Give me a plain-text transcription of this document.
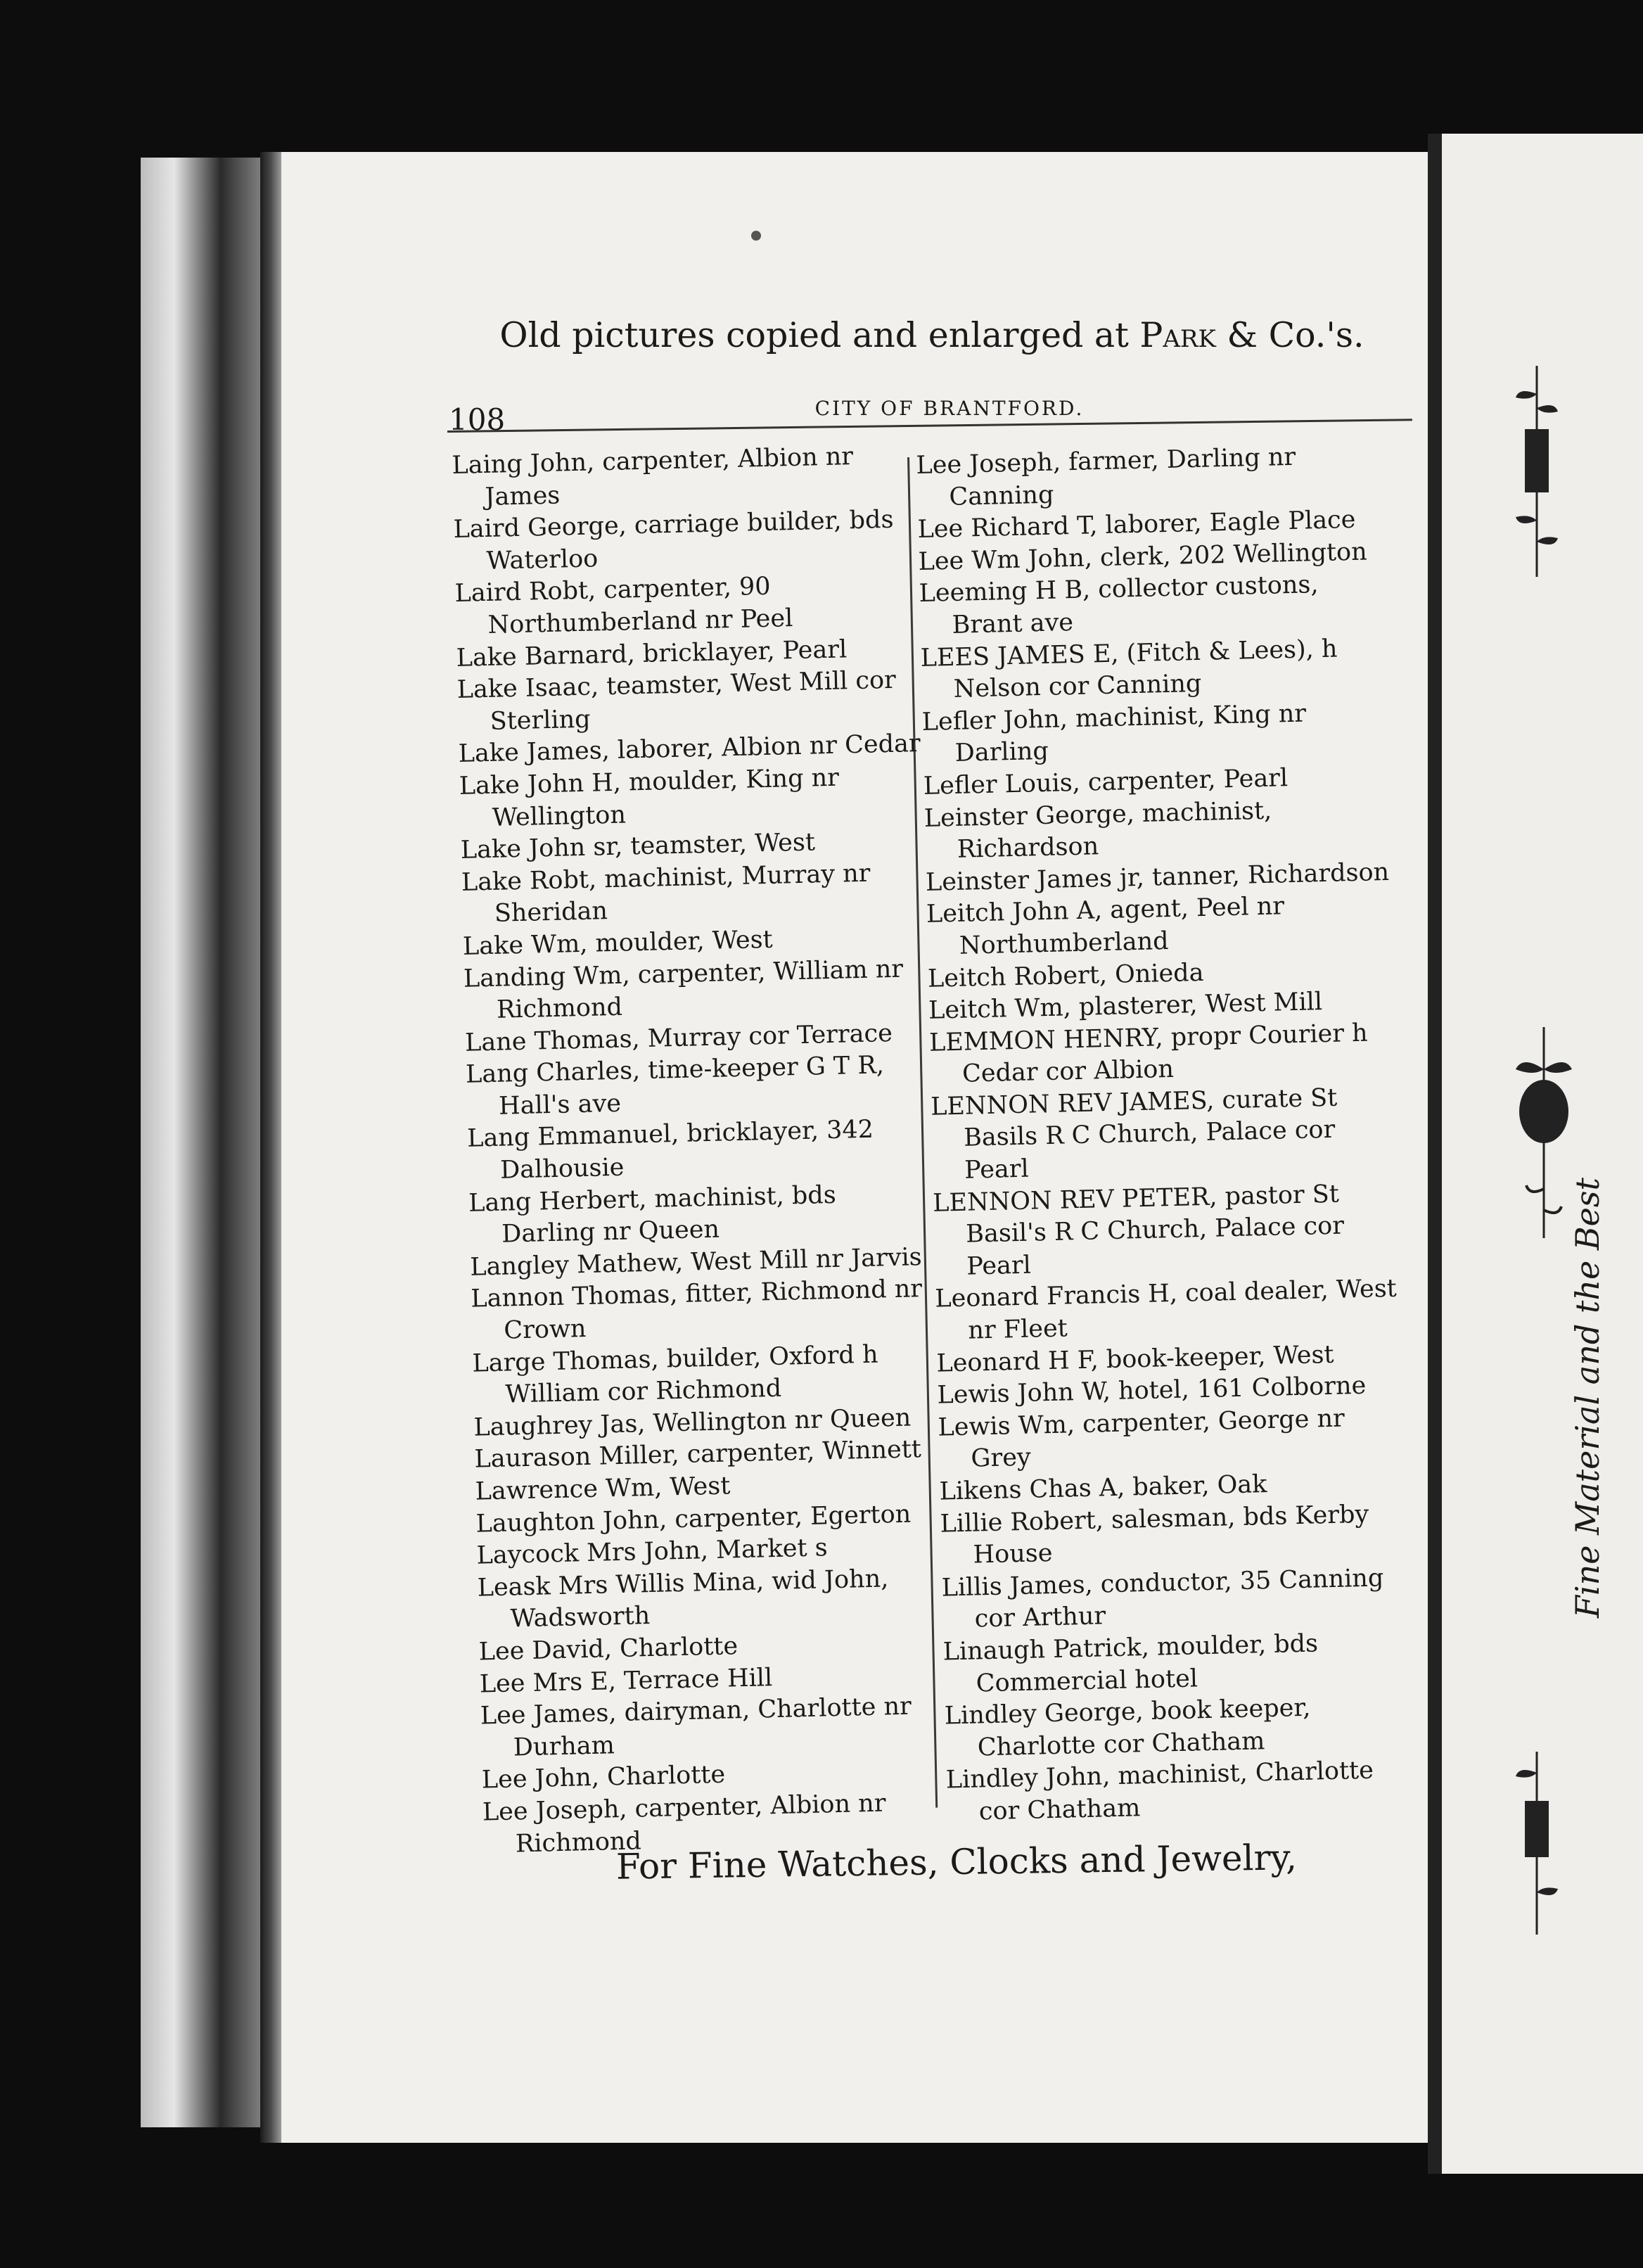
Old pictures copied and enlarged at Park & Co.'s.
108	CITY OF BRANTFORD.

Laing John, carpenter, Albion nr James

Laird George, carriage builder, bds Waterloo

Laird Robt, carpenter, 90 Northumberland nr Peel

Lake Barnard, bricklayer, Pearl

Lake Isaac, teamster, West Mill cor Sterling

Lake James, laborer, Albion nr Cedar

Lake John H, moulder, King nr Wellington

Lake John sr, teamster, West

Lake Robt, machinist, Murray nr Sheridan

Lake Wm, moulder, West

Landing Wm, carpenter, William nr Richmond

Lane Thomas, Murray cor Terrace

Lang Charles, time-keeper G T R, Hall's ave

Lang Emmanuel, bricklayer, 342 Dalhousie

Lang Herbert, machinist, bds Darling nr Queen

Langley Mathew, West Mill nr Jarvis

Lannon Thomas, fitter, Richmond nr Crown

Large Thomas, builder, Oxford h William cor Richmond

Laughrey Jas, Wellington nr Queen

Laurason Miller, carpenter, Winnett

Lawrence Wm, West

Laughton John, carpenter, Egerton

Laycock Mrs John, Market s

Leask Mrs Willis Mina, wid John, Wadsworth

Lee David, Charlotte

Lee Mrs E, Terrace Hill

Lee James, dairyman, Charlotte nr Durham

Lee John, Charlotte

Lee Joseph, carpenter, Albion nr Richmond

Lee Joseph, farmer, Darling nr Canning

Lee Richard T, laborer, Eagle Place

Lee Wm John, clerk, 202 Wellington

Leeming H B, collector custons, Brant ave

LEES JAMES E, (Fitch & Lees), h Nelson cor Canning

Lefler John, machinist, King nr Darling

Lefler Louis, carpenter, Pearl

Leinster George, machinist, Richardson

Leinster James jr, tanner, Richardson

Leitch John A, agent, Peel nr Northumberland

Leitch Robert, Onieda

Leitch Wm, plasterer, West Mill

LEMMON HENRY, propr Courier h Cedar cor Albion

LENNON REV JAMES, curate St Basils R C Church, Palace cor Pearl

LENNON REV PETER, pastor St Basil's R C Church, Palace cor Pearl

Leonard Francis H, coal dealer, West nr Fleet

Leonard H F, book-keeper, West

Lewis John W, hotel, 161 Colborne

Lewis Wm, carpenter, George nr Grey

Likens Chas A, baker, Oak

Lillie Robert, salesman, bds Kerby House

Lillis James, conductor, 35 Canning cor Arthur

Linaugh Patrick, moulder, bds Commercial hotel

Lindley George, book keeper, Charlotte cor Chatham

Lindley John, machinist, Charlotte cor Chatham

For Fine Watches, Clocks and Jewelry,
Fine Material and the Best
